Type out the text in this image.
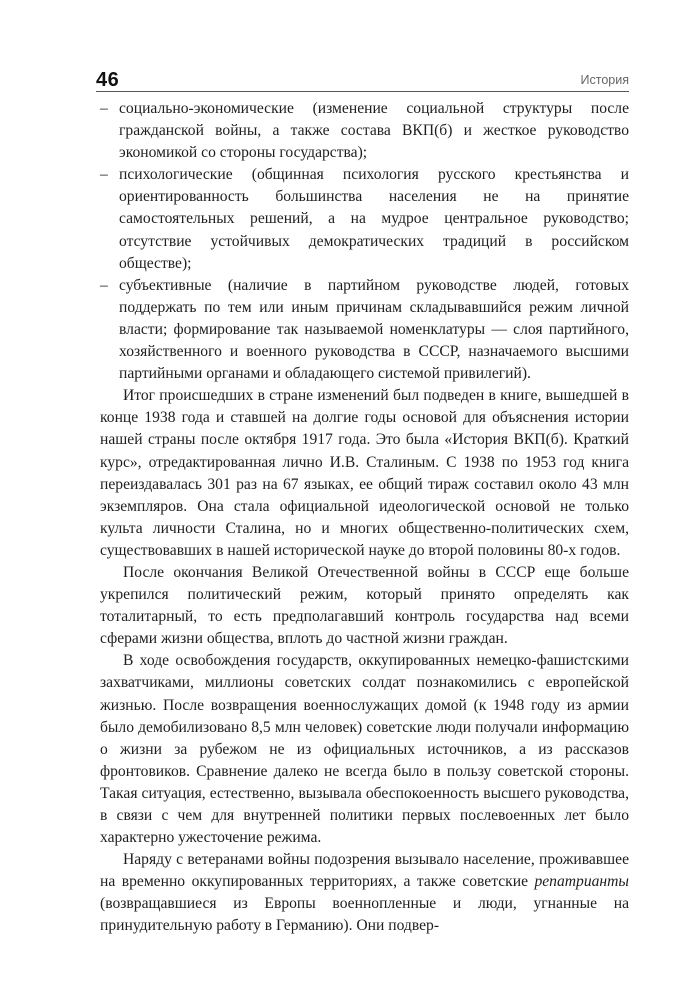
46	История
– социально-экономические (изменение социальной структуры после гражданской войны, а также состава ВКП(б) и жесткое руководство экономикой со стороны государства);
– психологические (общинная психология русского крестьянства и ориентированность большинства населения не на принятие самостоятельных решений, а на мудрое центральное руководство; отсутствие устойчивых демократических традиций в российском обществе);
– субъективные (наличие в партийном руководстве людей, готовых поддержать по тем или иным причинам складывавшийся режим личной власти; формирование так называемой номенклатуры — слоя партийного, хозяйственного и военного руководства в СССР, назначаемого высшими партийными органами и обладающего системой привилегий).

Итог происшедших в стране изменений был подведен в книге, вышедшей в конце 1938 года и ставшей на долгие годы основой для объяснения истории нашей страны после октября 1917 года. Это была «История ВКП(б). Краткий курс», отредактированная лично И.В. Сталиным. С 1938 по 1953 год книга переиздавалась 301 раз на 67 языках, ее общий тираж составил около 43 млн экземпляров. Она стала официальной идеологической основой не только культа личности Сталина, но и многих общественно-политических схем, существовавших в нашей исторической науке до второй половины 80-х годов.

После окончания Великой Отечественной войны в СССР еще больше укрепился политический режим, который принято определять как тоталитарный, то есть предполагавший контроль государства над всеми сферами жизни общества, вплоть до частной жизни граждан.

В ходе освобождения государств, оккупированных немецко-фашистскими захватчиками, миллионы советских солдат познакомились с европейской жизнью. После возвращения военнослужащих домой (к 1948 году из армии было демобилизовано 8,5 млн человек) советские люди получали информацию о жизни за рубежом не из официальных источников, а из рассказов фронтовиков. Сравнение далеко не всегда было в пользу советской стороны. Такая ситуация, естественно, вызывала обеспокоенность высшего руководства, в связи с чем для внутренней политики первых послевоенных лет было характерно ужесточение режима.

Наряду с ветеранами войны подозрения вызывало население, проживавшее на временно оккупированных территориях, а также советские репатрианты (возвращавшиеся из Европы военнопленные и люди, угнанные на принудительную работу в Германию). Они подвер-
